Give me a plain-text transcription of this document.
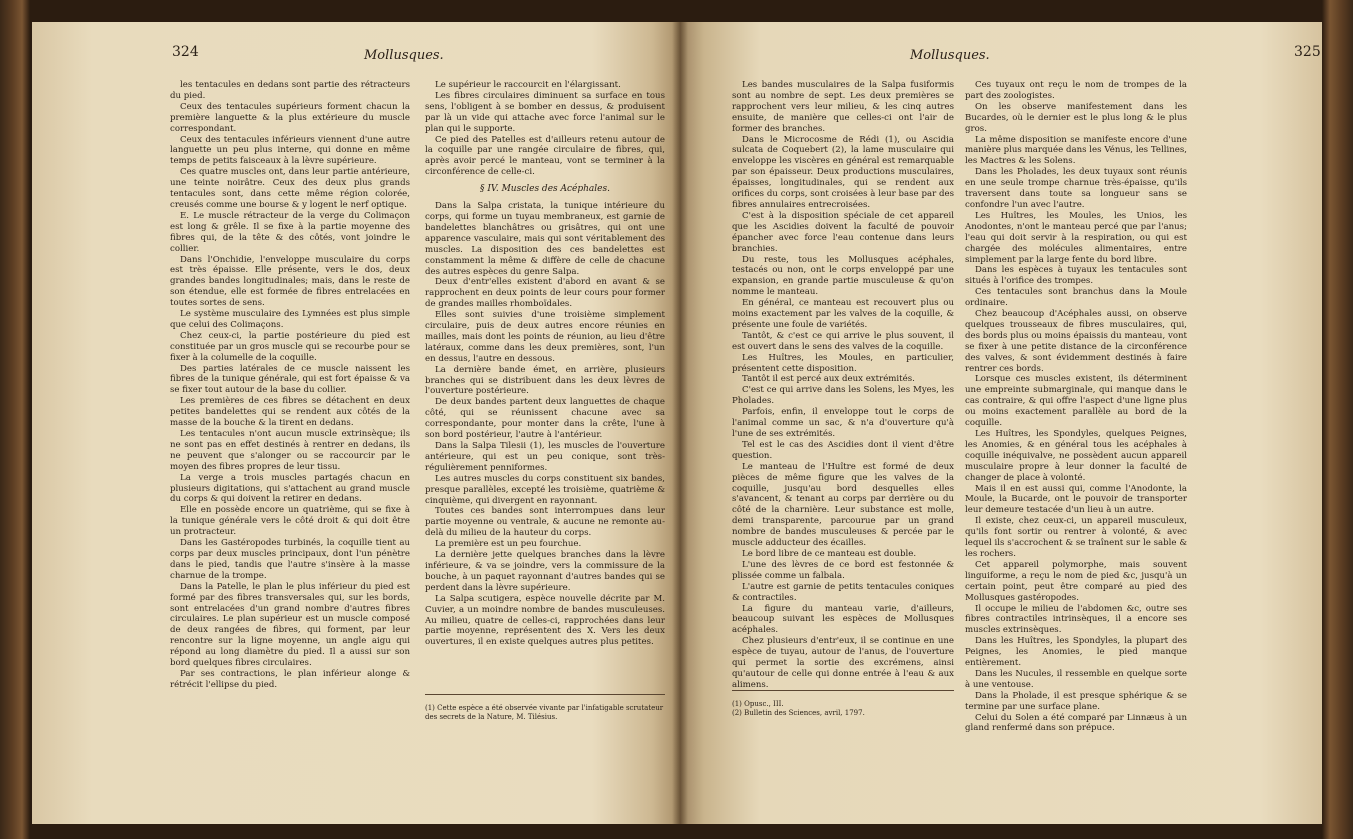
324	Mollusques.

les tentacules en dedans sont partie des rétracteurs du pied.

Ceux des tentacules supérieurs forment chacun la première languette & la plus extérieure du muscle correspondant.

Ceux des tentacules inférieurs viennent d'une autre languette un peu plus interne, qui donne en même temps de petits faisceaux à la lèvre supérieure.

Ces quatre muscles ont, dans leur partie antérieure, une teinte noirâtre. Ceux des deux plus grands tentacules sont, dans cette même région colorée, creusés comme une bourse & y logent le nerf optique.

E. Le muscle rétracteur de la verge du Colimaçon est long & grêle. Il se fixe à la partie moyenne des fibres qui, de la tête & des côtés, vont joindre le collier.

Dans l'Onchidie, l'enveloppe musculaire du corps est très épaisse. Elle présente, vers le dos, deux grandes bandes longitudinales; mais, dans le reste de son étendue, elle est formée de fibres entrelacées en toutes sortes de sens.

Le système musculaire des Lymnées est plus simple que celui des Colimaçons.

Chez ceux-ci, la partie postérieure du pied est constituée par un gros muscle qui se recourbe pour se fixer à la columelle de la coquille.

Des parties latérales de ce muscle naissent les fibres de la tunique générale, qui est fort épaisse & va se fixer tout autour de la base du collier.

Les premières de ces fibres se détachent en deux petites bandelettes qui se rendent aux côtés de la masse de la bouche & la tirent en dedans.

Les tentacules n'ont aucun muscle extrinsèque; ils ne sont pas en effet destinés à rentrer en dedans, ils ne peuvent que s'alonger ou se raccourcir par le moyen des fibres propres de leur tissu.

La verge a trois muscles partagés chacun en plusieurs digitations, qui s'attachent au grand muscle du corps & qui doivent la retirer en dedans.

Elle en possède encore un quatrième, qui se fixe à la tunique générale vers le côté droit & qui doit être un protracteur.

Dans les Gastéropodes turbinés, la coquille tient au corps par deux muscles principaux, dont l'un pénètre dans le pied, tandis que l'autre s'insère à la masse charnue de la trompe.

Dans la Patelle, le plan le plus inférieur du pied est formé par des fibres transversales qui, sur les bords, sont entrelacées d'un grand nombre d'autres fibres circulaires. Le plan supérieur est un muscle composé de deux rangées de fibres, qui forment, par leur rencontre sur la ligne moyenne, un angle aigu qui répond au long diamètre du pied. Il a aussi sur son bord quelques fibres circulaires.

Par ses contractions, le plan inférieur alonge & rétrécit l'ellipse du pied.

Le supérieur le raccourcit en l'élargissant.

Les fibres circulaires diminuent sa surface en tous sens, l'obligent à se bomber en dessus, & produisent par là un vide qui attache avec force l'animal sur le plan qui le supporte.

Ce pied des Patelles est d'ailleurs retenu autour de la coquille par une rangée circulaire de fibres, qui, après avoir percé le manteau, vont se terminer à la circonférence de celle-ci.

§ IV. Muscles des Acéphales.

Dans la Salpa cristata, la tunique intérieure du corps, qui forme un tuyau membraneux, est garnie de bandelettes blanchâtres ou grisâtres, qui ont une apparence vasculaire, mais qui sont véritablement des muscles. La disposition des ces bandelettes est constamment la même & diffère de celle de chacune des autres espèces du genre Salpa.

Deux d'entr'elles existent d'abord en avant & se rapprochent en deux points de leur cours pour former de grandes mailles rhomboïdales.

Elles sont suivies d'une troisième simplement circulaire, puis de deux autres encore réunies en mailles, mais dont les points de réunion, au lieu d'être latéraux, comme dans les deux premières, sont, l'un en dessus, l'autre en dessous.

La dernière bande émet, en arrière, plusieurs branches qui se distribuent dans les deux lèvres de l'ouverture postérieure.

De deux bandes partent deux languettes de chaque côté, qui se réunissent chacune avec sa correspondante, pour monter dans la crête, l'une à son bord postérieur, l'autre à l'antérieur.

Dans la Salpa Tilesii (1), les muscles de l'ouverture antérieure, qui est un peu conique, sont très-régulièrement penniformes.

Les autres muscles du corps constituent six bandes, presque parallèles, excepté les troisième, quatrième & cinquième, qui divergent en rayonnant.

Toutes ces bandes sont interrompues dans leur partie moyenne ou ventrale, & aucune ne remonte au-delà du milieu de la hauteur du corps.

La première est un peu fourchue.

La dernière jette quelques branches dans la lèvre inférieure, & va se joindre, vers la commissure de la bouche, à un paquet rayonnant d'autres bandes qui se perdent dans la lèvre supérieure.

La Salpa scutigera, espèce nouvelle décrite par M. Cuvier, a un moindre nombre de bandes musculeuses. Au milieu, quatre de celles-ci, rapprochées dans leur partie moyenne, représentent des X. Vers les deux ouvertures, il en existe quelques autres plus petites.

(1) Cette espèce a été observée vivante par l'infatigable scrutateur des secrets de la Nature, M. Tilésius.
Mollusques.	325

Les bandes musculaires de la Salpa fusiformis sont au nombre de sept. Les deux premières se rapprochent vers leur milieu, & les cinq autres ensuite, de manière que celles-ci ont l'air de former des branches.

Dans le Microcosme de Rédi (1), ou Ascidia sulcata de Coquebert (2), la lame musculaire qui enveloppe les viscères en général est remarquable par son épaisseur. Deux productions musculaires, épaisses, longitudinales, qui se rendent aux orifices du corps, sont croisées à leur base par des fibres annulaires entrecroisées.

C'est à la disposition spéciale de cet appareil que les Ascidies doivent la faculté de pouvoir épancher avec force l'eau contenue dans leurs branchies.

Du reste, tous les Mollusques acéphales, testacés ou non, ont le corps enveloppé par une expansion, en grande partie musculeuse & qu'on nomme le manteau.

En général, ce manteau est recouvert plus ou moins exactement par les valves de la coquille, & présente une foule de variétés.

Tantôt, & c'est ce qui arrive le plus souvent, il est ouvert dans le sens des valves de la coquille.

Les Huîtres, les Moules, en particulier, présentent cette disposition.

Tantôt il est percé aux deux extrémités.

C'est ce qui arrive dans les Solens, les Myes, les Pholades.

Parfois, enfin, il enveloppe tout le corps de l'animal comme un sac, & n'a d'ouverture qu'à l'une de ses extrémités.

Tel est le cas des Ascidies dont il vient d'être question.

Le manteau de l'Huître est formé de deux pièces de même figure que les valves de la coquille, jusqu'au bord desquelles elles s'avancent, & tenant au corps par derrière ou du côté de la charnière. Leur substance est molle, demi transparente, parcourue par un grand nombre de bandes musculeuses & percée par le muscle adducteur des écailles.

Le bord libre de ce manteau est double.

L'une des lèvres de ce bord est festonnée & plissée comme un falbala.

L'autre est garnie de petits tentacules coniques & contractiles.

La figure du manteau varie, d'ailleurs, beaucoup suivant les espèces de Mollusques acéphales.

Chez plusieurs d'entr'eux, il se continue en une espèce de tuyau, autour de l'anus, de l'ouverture qui permet la sortie des excrémens, ainsi qu'autour de celle qui donne entrée à l'eau & aux alimens.

(1) Opusc., III.
(2) Bulletin des Sciences, avril, 1797.

Ces tuyaux ont reçu le nom de trompes de la part des zoologistes.

On les observe manifestement dans les Bucardes, où le dernier est le plus long & le plus gros.

La même disposition se manifeste encore d'une manière plus marquée dans les Vénus, les Tellines, les Mactres & les Solens.

Dans les Pholades, les deux tuyaux sont réunis en une seule trompe charnue très-épaisse, qu'ils traversent dans toute sa longueur sans se confondre l'un avec l'autre.

Les Huîtres, les Moules, les Unios, les Anodontes, n'ont le manteau percé que par l'anus; l'eau qui doit servir à la respiration, ou qui est chargée des molécules alimentaires, entre simplement par la large fente du bord libre.

Dans les espèces à tuyaux les tentacules sont situés à l'orifice des trompes.

Ces tentacules sont branchus dans la Moule ordinaire.

Chez beaucoup d'Acéphales aussi, on observe quelques trousseaux de fibres musculaires, qui, des bords plus ou moins épaissis du manteau, vont se fixer à une petite distance de la circonférence des valves, & sont évidemment destinés à faire rentrer ces bords.

Lorsque ces muscles existent, ils déterminent une empreinte submarginale, qui manque dans le cas contraire, & qui offre l'aspect d'une ligne plus ou moins exactement parallèle au bord de la coquille.

Les Huîtres, les Spondyles, quelques Peignes, les Anomies, & en général tous les acéphales à coquille inéquivalve, ne possèdent aucun appareil musculaire propre à leur donner la faculté de changer de place à volonté.

Mais il en est aussi qui, comme l'Anodonte, la Moule, la Bucarde, ont le pouvoir de transporter leur demeure testacée d'un lieu à un autre.

Il existe, chez ceux-ci, un appareil musculeux, qu'ils font sortir ou rentrer à volonté, & avec lequel ils s'accrochent & se traînent sur le sable & les rochers.

Cet appareil polymorphe, mais souvent linguiforme, a reçu le nom de pied &c, jusqu'à un certain point, peut être comparé au pied des Mollusques gastéropodes.

Il occupe le milieu de l'abdomen &c, outre ses fibres contractiles intrinsèques, il a encore ses muscles extrinsèques.

Dans les Huîtres, les Spondyles, la plupart des Peignes, les Anomies, le pied manque entièrement.

Dans les Nucules, il ressemble en quelque sorte à une ventouse.

Dans la Pholade, il est presque sphérique & se termine par une surface plane.

Celui du Solen a été comparé par Linnæus à un gland renfermé dans son prépuce.
